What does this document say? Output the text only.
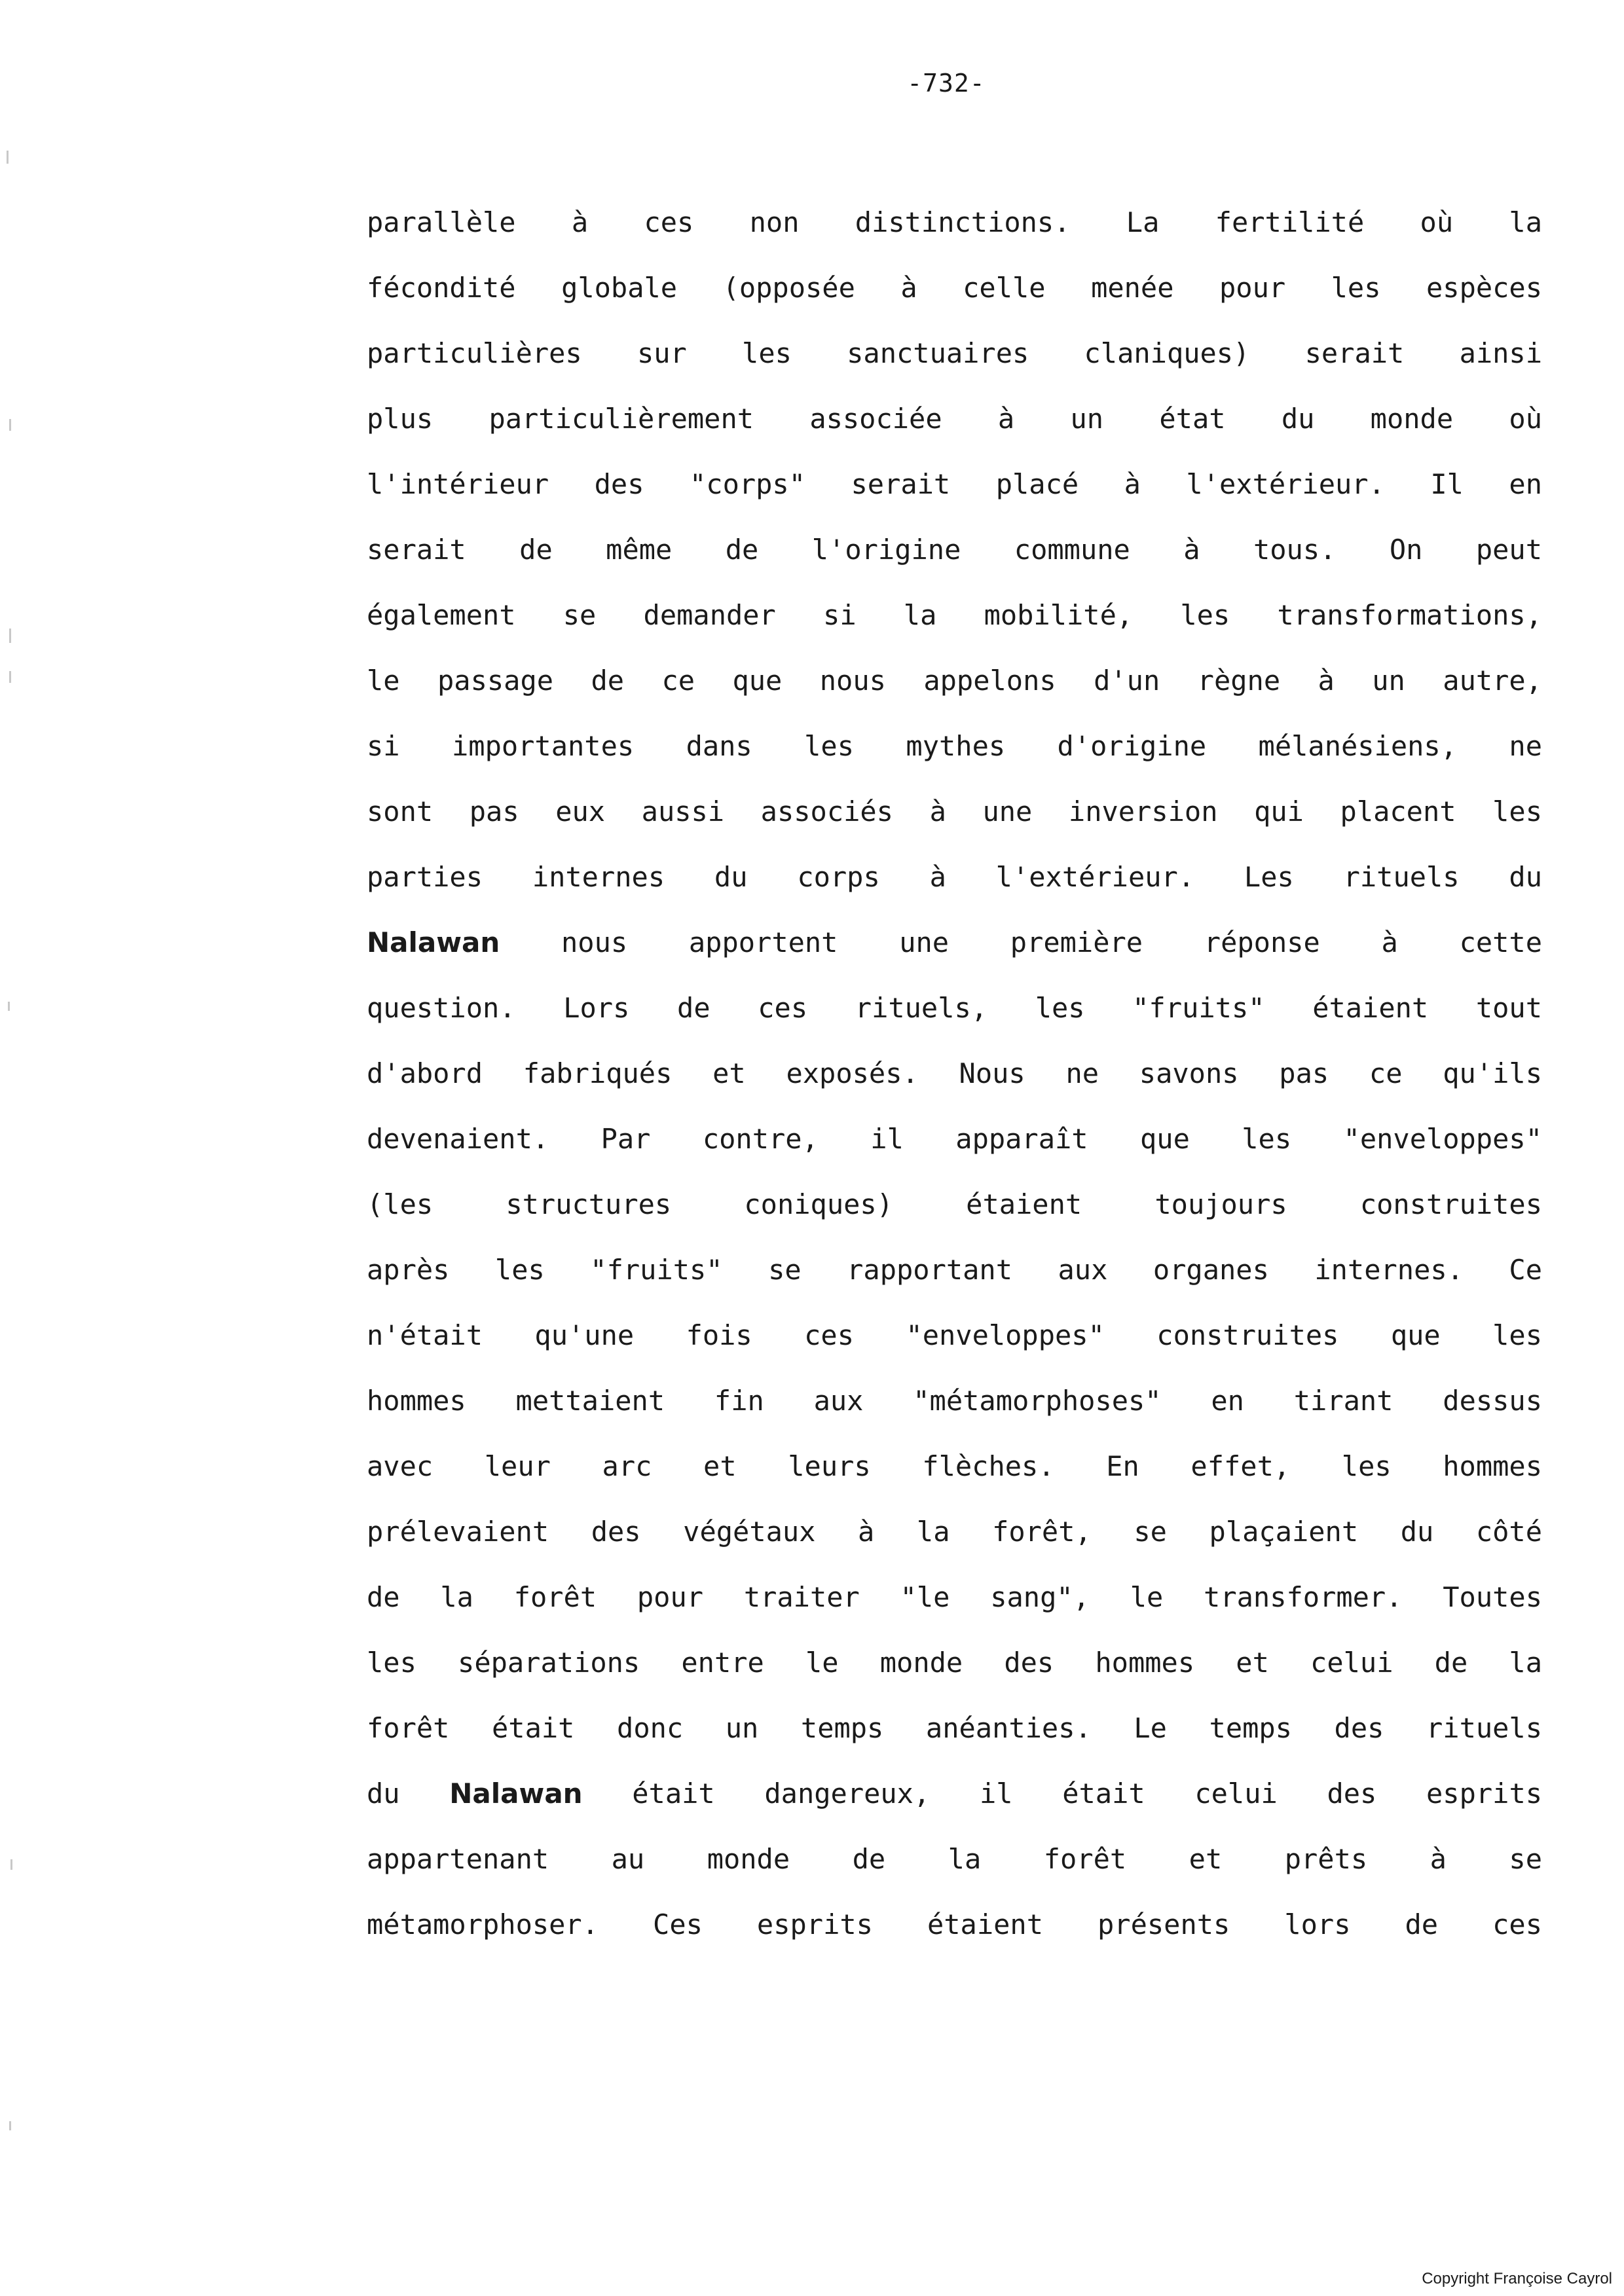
-732-
parallèle à ces non distinctions. La fertilité où la
fécondité globale (opposée à celle menée pour les espèces
particulières sur les sanctuaires claniques) serait ainsi
plus particulièrement associée à un état du monde où
l'intérieur des "corps" serait placé à l'extérieur. Il en
serait de même de l'origine commune à tous. On peut
également se demander si la mobilité, les transformations,
le passage de ce que nous appelons d'un règne à un autre,
si importantes dans les mythes d'origine mélanésiens, ne
sont pas eux aussi associés à une inversion qui placent les
parties internes du corps à l'extérieur. Les rituels du
Nalawan nous apportent une première réponse à cette
question. Lors de ces rituels, les "fruits" étaient tout
d'abord fabriqués et exposés. Nous ne savons pas ce qu'ils
devenaient. Par contre, il apparaît que les "enveloppes"
(les structures coniques) étaient toujours construites
après les "fruits" se rapportant aux organes internes. Ce
n'était qu'une fois ces "enveloppes" construites que les
hommes mettaient fin aux "métamorphoses" en tirant dessus
avec leur arc et leurs flèches. En effet, les hommes
prélevaient des végétaux à la forêt, se plaçaient du côté
de la forêt pour traiter "le sang", le transformer. Toutes
les séparations entre le monde des hommes et celui de la
forêt était donc un temps anéanties. Le temps des rituels
du Nalawan était dangereux, il était celui des esprits
appartenant au monde de la forêt et prêts à se
métamorphoser. Ces esprits étaient présents lors de ces
Copyright Françoise Cayrol
